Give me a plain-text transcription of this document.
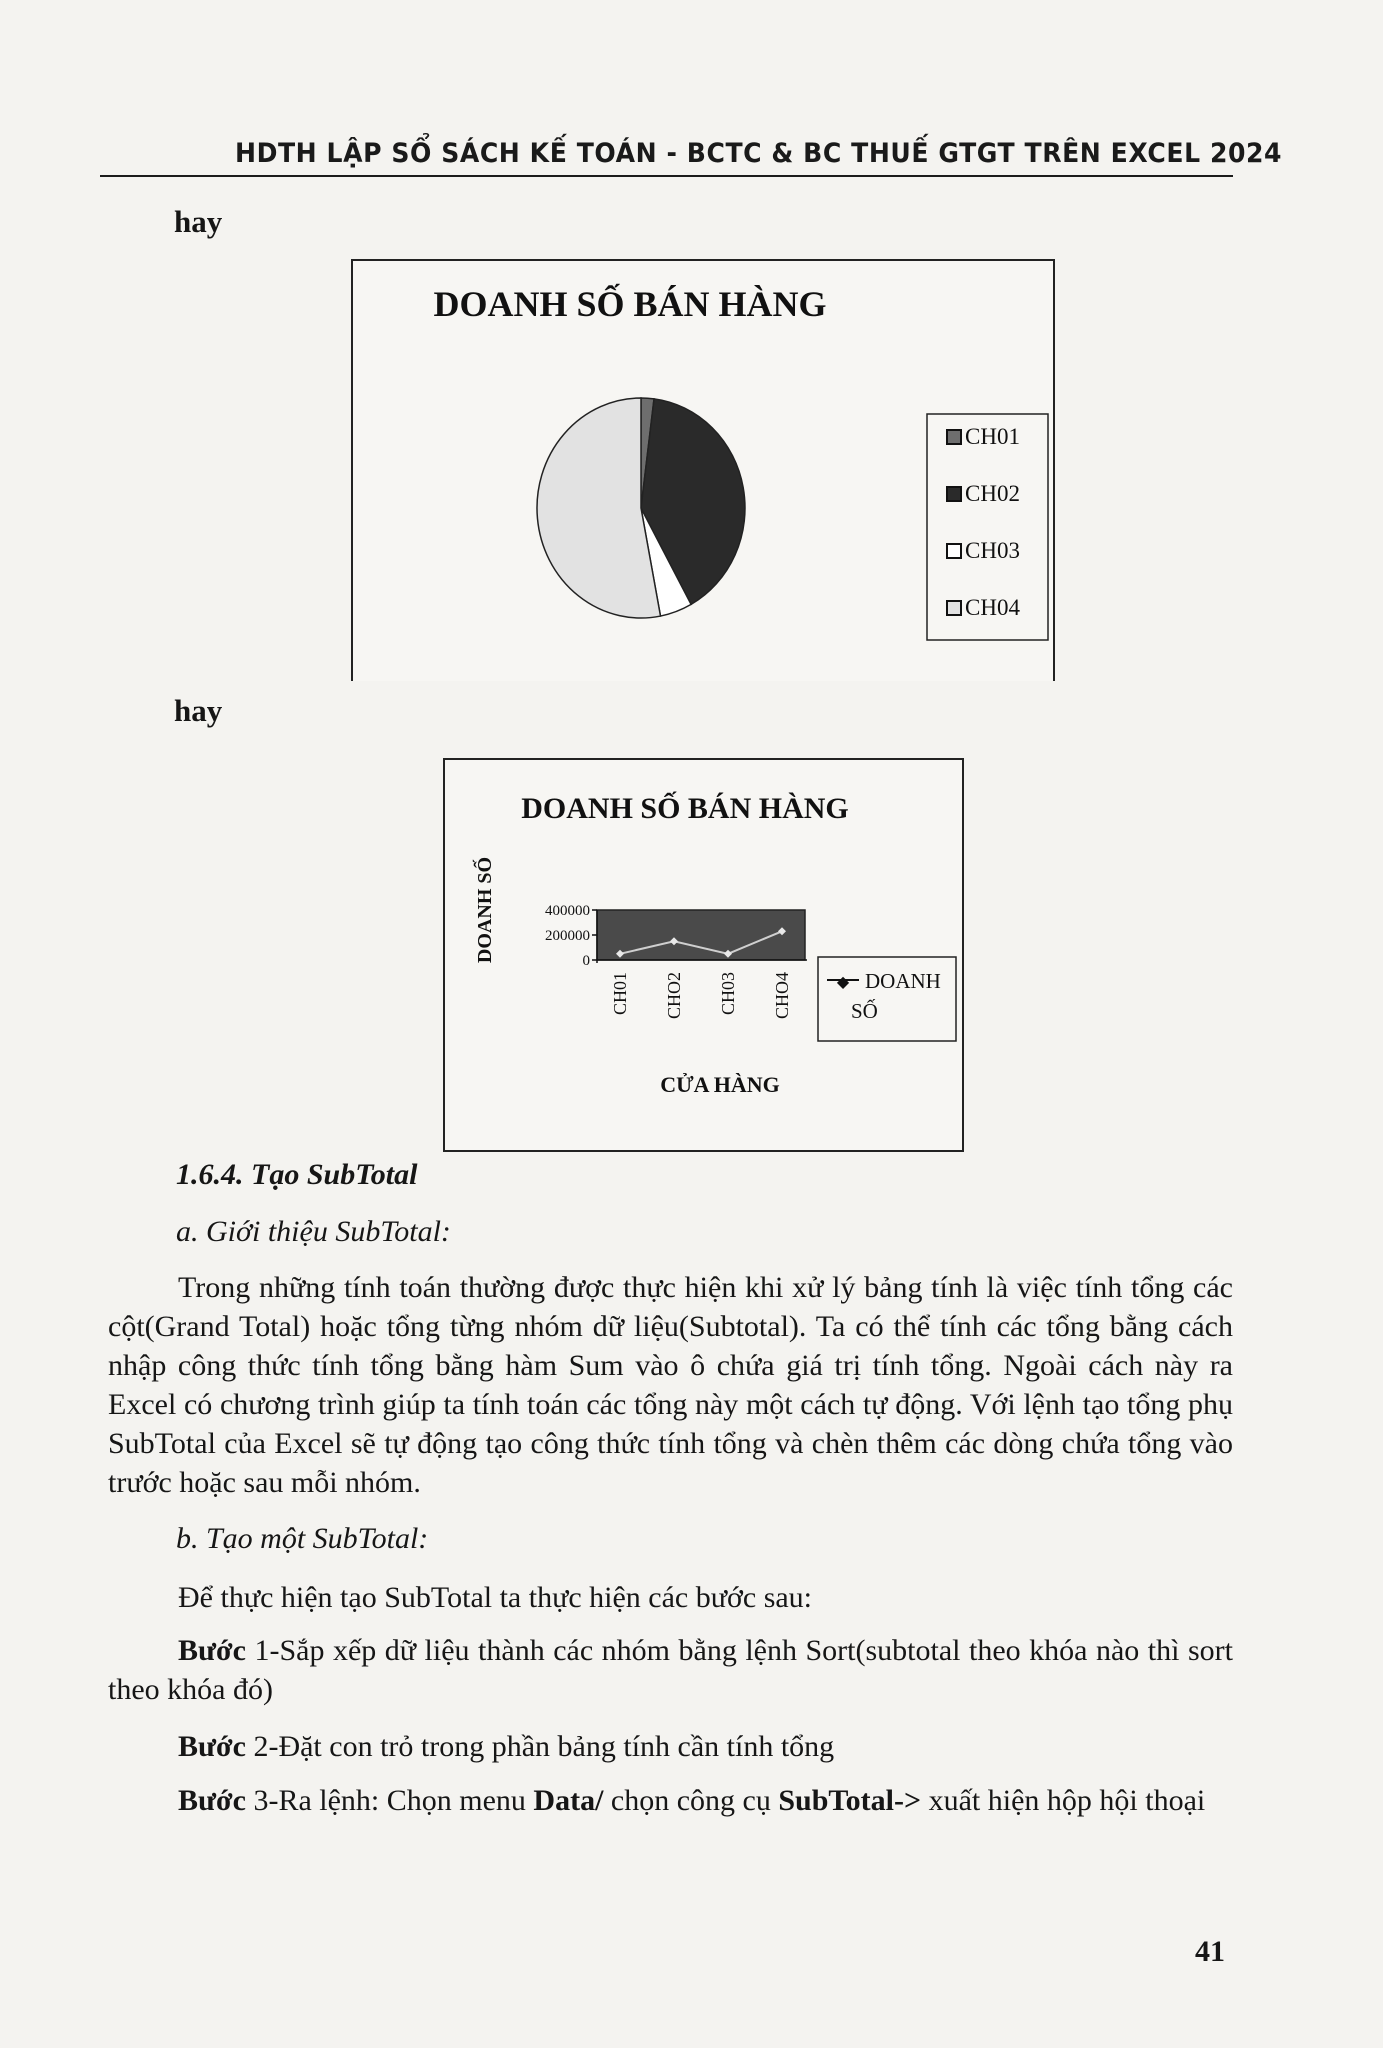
HDTH LẬP SỔ SÁCH KẾ TOÁN - BCTC & BC THUẾ GTGT TRÊN EXCEL 2024
hay
DOANH SỐ BÁN HÀNG
CH01
CH02
CH03
CH04
hay
DOANH SỐ BÁN HÀNG
DOANH SỐ	400000
200000
0
CH01 CHO2 CH03 CHO4
CỬA HÀNG
◆ DOANH SỐ
1.6.4. Tạo SubTotal
a. Giới thiệu SubTotal:
Trong những tính toán thường được thực hiện khi xử lý bảng tính là việc tính tổng các cột(Grand Total) hoặc tổng từng nhóm dữ liệu(Subtotal). Ta có thể tính các tổng bằng cách nhập công thức tính tổng bằng hàm Sum vào ô chứa giá trị tính tổng. Ngoài cách này ra Excel có chương trình giúp ta tính toán các tổng này một cách tự động. Với lệnh tạo tổng phụ SubTotal của Excel sẽ tự động tạo công thức tính tổng và chèn thêm các dòng chứa tổng vào trước hoặc sau mỗi nhóm.
b. Tạo một SubTotal:
Để thực hiện tạo SubTotal ta thực hiện các bước sau:
Bước 1-Sắp xếp dữ liệu thành các nhóm bằng lệnh Sort(subtotal theo khóa nào thì sort theo khóa đó)
Bước 2-Đặt con trỏ trong phần bảng tính cần tính tổng
Bước 3-Ra lệnh: Chọn menu Data/ chọn công cụ SubTotal-> xuất hiện hộp hội thoại
41
